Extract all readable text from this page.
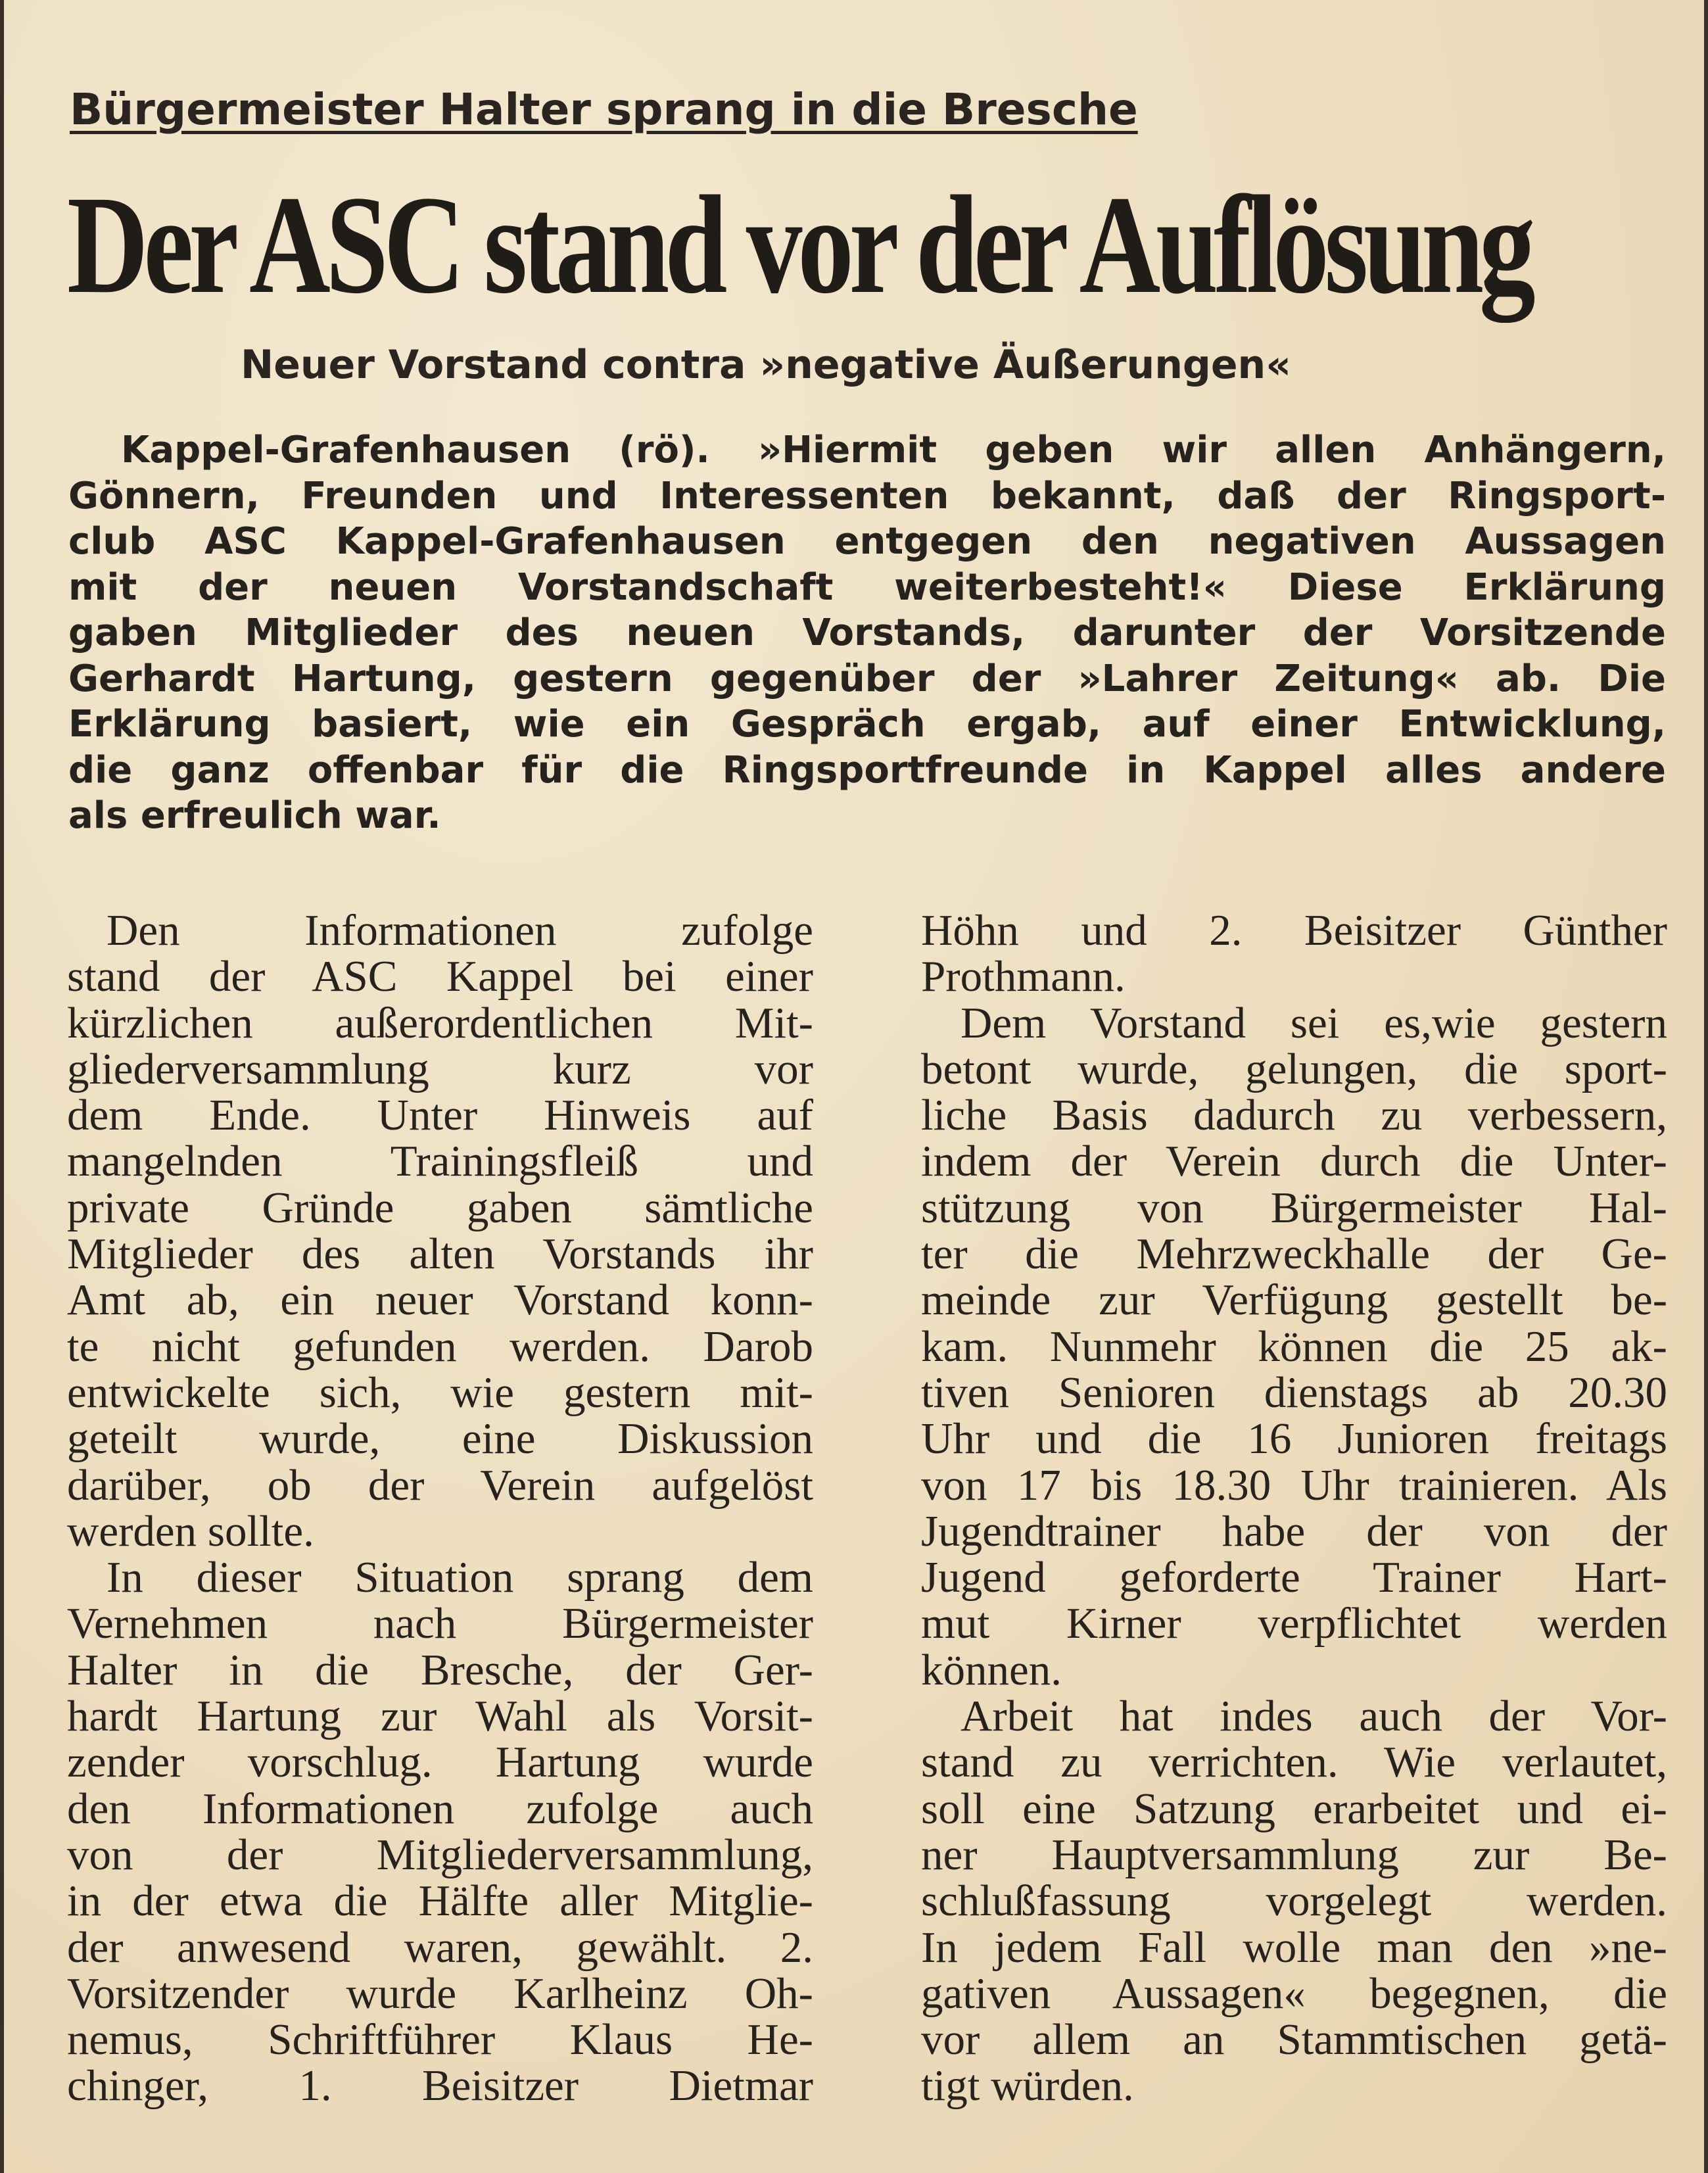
Bürgermeister Halter sprang in die Bresche
Der ASC stand vor der Auflösung
Neuer Vorstand contra »negative Äußerungen«
Kappel-Grafenhausen (rö). »Hiermit geben wir allen Anhängern,
Gönnern, Freunden und Interessenten bekannt, daß der Ringsport-
club ASC Kappel-Grafenhausen entgegen den negativen Aussagen
mit der neuen Vorstandschaft weiterbesteht!« Diese Erklärung
gaben Mitglieder des neuen Vorstands, darunter der Vorsitzende
Gerhardt Hartung, gestern gegenüber der »Lahrer Zeitung« ab. Die
Erklärung basiert, wie ein Gespräch ergab, auf einer Entwicklung,
die ganz offenbar für die Ringsportfreunde in Kappel alles andere
als erfreulich war.
Den Informationen zufolge
stand der ASC Kappel bei einer
kürzlichen außerordentlichen Mit-
gliederversammlung kurz vor
dem Ende. Unter Hinweis auf
mangelnden Trainingsfleiß und
private Gründe gaben sämtliche
Mitglieder des alten Vorstands ihr
Amt ab, ein neuer Vorstand konn-
te nicht gefunden werden. Darob
entwickelte sich, wie gestern mit-
geteilt wurde, eine Diskussion
darüber, ob der Verein aufgelöst
werden sollte.
In dieser Situation sprang dem
Vernehmen nach Bürgermeister
Halter in die Bresche, der Ger-
hardt Hartung zur Wahl als Vorsit-
zender vorschlug. Hartung wurde
den Informationen zufolge auch
von der Mitgliederversammlung,
in der etwa die Hälfte aller Mitglie-
der anwesend waren, gewählt. 2.
Vorsitzender wurde Karlheinz Oh-
nemus, Schriftführer Klaus He-
chinger, 1. Beisitzer Dietmar
Höhn und 2. Beisitzer Günther
Prothmann.
Dem Vorstand sei es,wie gestern
betont wurde, gelungen, die sport-
liche Basis dadurch zu verbessern,
indem der Verein durch die Unter-
stützung von Bürgermeister Hal-
ter die Mehrzweckhalle der Ge-
meinde zur Verfügung gestellt be-
kam. Nunmehr können die 25 ak-
tiven Senioren dienstags ab 20.30
Uhr und die 16 Junioren freitags
von 17 bis 18.30 Uhr trainieren. Als
Jugendtrainer habe der von der
Jugend geforderte Trainer Hart-
mut Kirner verpflichtet werden
können.
Arbeit hat indes auch der Vor-
stand zu verrichten. Wie verlautet,
soll eine Satzung erarbeitet und ei-
ner Hauptversammlung zur Be-
schlußfassung vorgelegt werden.
In jedem Fall wolle man den »ne-
gativen Aussagen« begegnen, die
vor allem an Stammtischen getä-
tigt würden.
